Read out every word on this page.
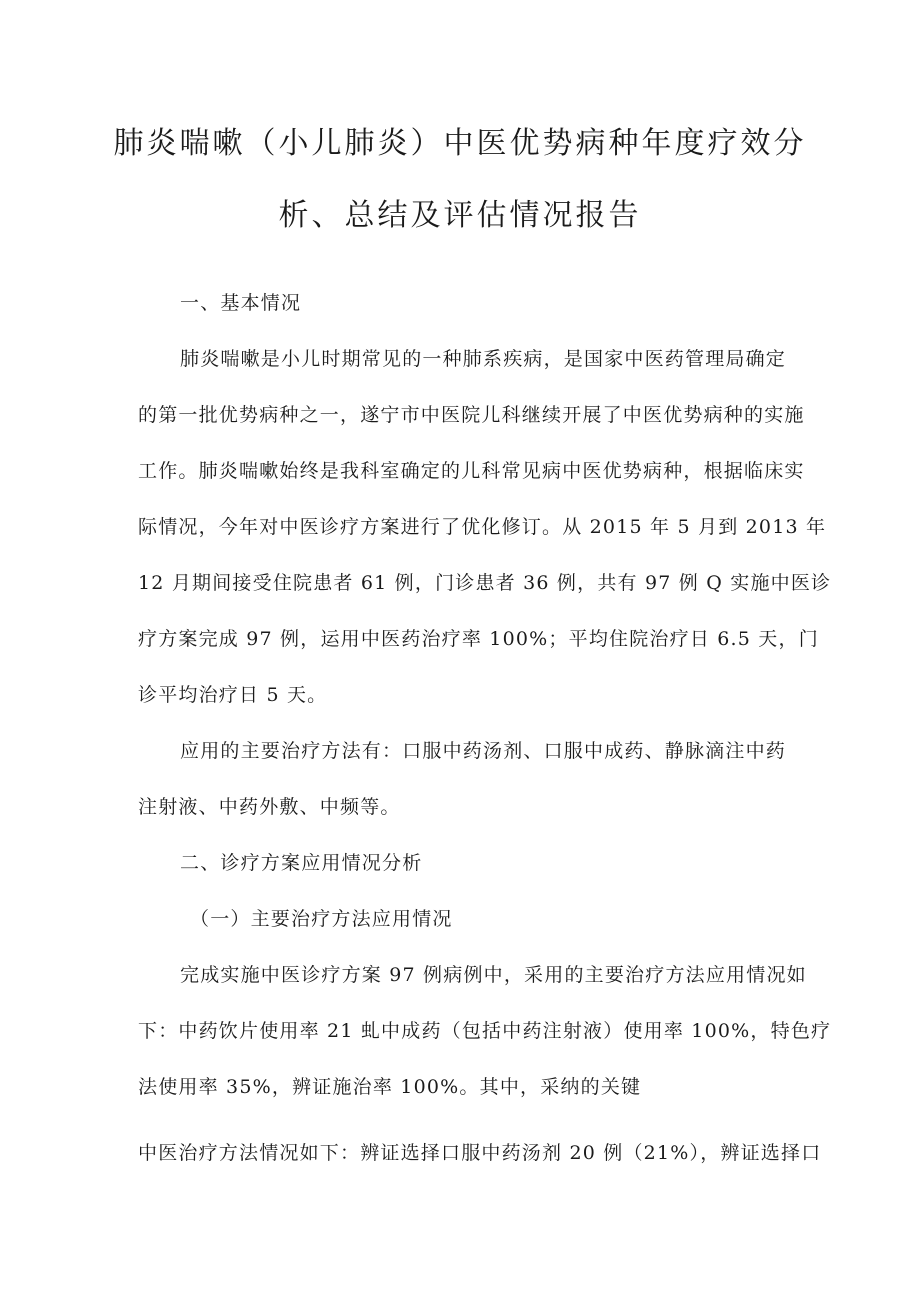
肺炎喘嗽（小儿肺炎）中医优势病种年度疗效分
析、总结及评估情况报告
一、基本情况
肺炎喘嗽是小儿时期常见的一种肺系疾病，是国家中医药管理局确定
的第一批优势病种之一，遂宁市中医院儿科继续开展了中医优势病种的实施
工作。肺炎喘嗽始终是我科室确定的儿科常见病中医优势病种，根据临床实
际情况，今年对中医诊疗方案进行了优化修订。从 2015 年 5 月到 2013 年
12 月期间接受住院患者 61 例，门诊患者 36 例，共有 97 例 Q 实施中医诊
疗方案完成 97 例，运用中医药治疗率 100%；平均住院治疗日 6.5 天，门
诊平均治疗日 5 天。
应用的主要治疗方法有：口服中药汤剂、口服中成药、静脉滴注中药
注射液、中药外敷、中频等。
二、诊疗方案应用情况分析
（一）主要治疗方法应用情况
完成实施中医诊疗方案 97 例病例中，采用的主要治疗方法应用情况如
下：中药饮片使用率 21 虬中成药（包括中药注射液）使用率 100%，特色疗
法使用率 35%，辨证施治率 100%。其中，采纳的关键
中医治疗方法情况如下：辨证选择口服中药汤剂 20 例（21%），辨证选择口
